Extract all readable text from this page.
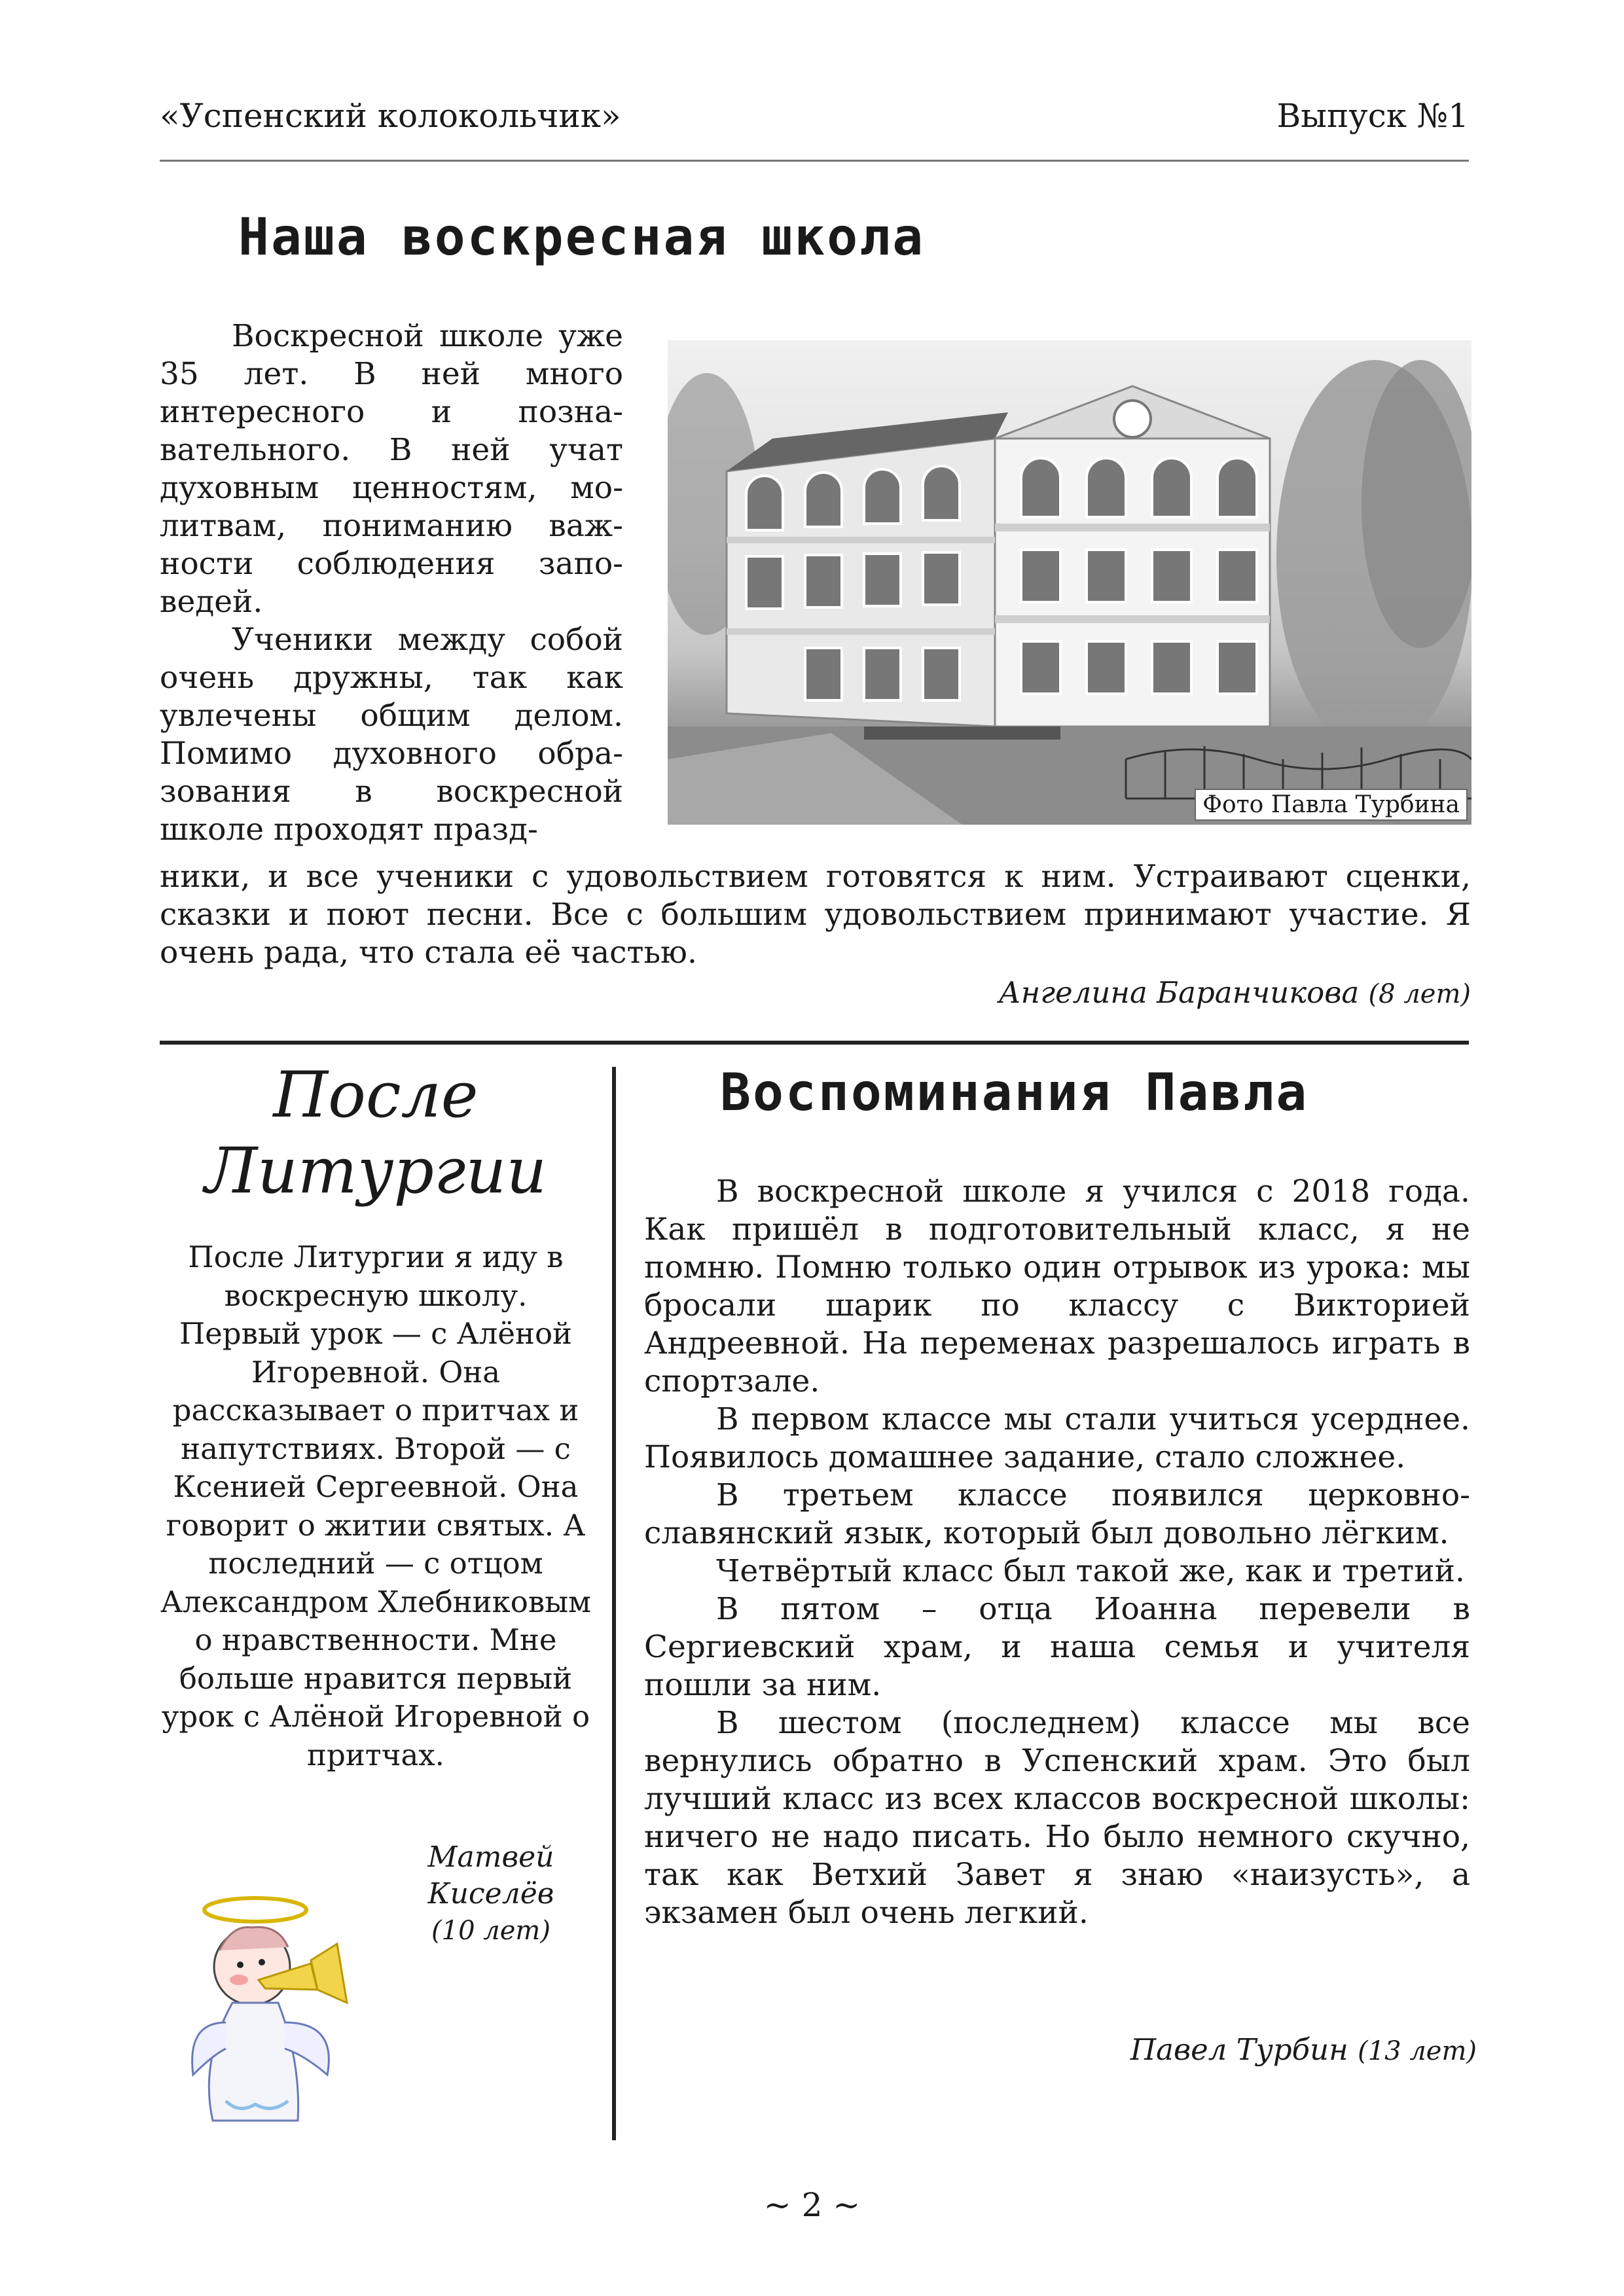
«Успенский колокольчик»	Выпуск №1
Наша воскресная школа

Воскресной школе уже 35 лет. В ней много интересного и позна-вательного. В ней учат духовным ценностям, мо-литвам, пониманию важ-ности соблюдения запо-ведей.

Ученики между собой очень дружны, так как увлечены общим делом. Помимо духовного обра-зования в воскресной школе проходят празд-

Фото Павла Турбина

ники, и все ученики с удовольствием готовятся к ним. Устраивают сценки, сказки и поют песни. Все с большим удовольствием принимают участие. Я очень рада, что стала её частью.

Ангелина Баранчикова (8 лет)
После
Литургии
После Литургии я иду в воскресную школу. Первый урок — с Алёной Игоревной. Она рассказывает о притчах и напутствиях. Второй — с Ксенией Сергеевной. Она говорит о житии святых. А последний — с отцом Александром Хлебниковым о нравственности. Мне больше нравится первый урок с Алёной Игоревной о притчах.
Матвей
Киселёв
(10 лет)
Воспоминания Павла

В воскресной школе я учился с 2018 года. Как пришёл в подготовительный класс, я не помню. Помню только один отрывок из урока: мы бросали шарик по классу с Викторией Андреевной. На переменах разрешалось играть в спортзале.

В первом классе мы стали учиться усерднее. Появилось домашнее задание, стало сложнее.

В третьем классе появился церковно-славянский язык, который был довольно лёгким.

Четвёртый класс был такой же, как и третий.

В пятом – отца Иоанна перевели в Сергиевский храм, и наша семья и учителя пошли за ним.

В шестом (последнем) классе мы все вернулись обратно в Успенский храм. Это был лучший класс из всех классов воскресной школы: ничего не надо писать. Но было немного скучно, так как Ветхий Завет я знаю «наизусть», а экзамен был очень легкий.

Павел Турбин (13 лет)
~ 2 ~
